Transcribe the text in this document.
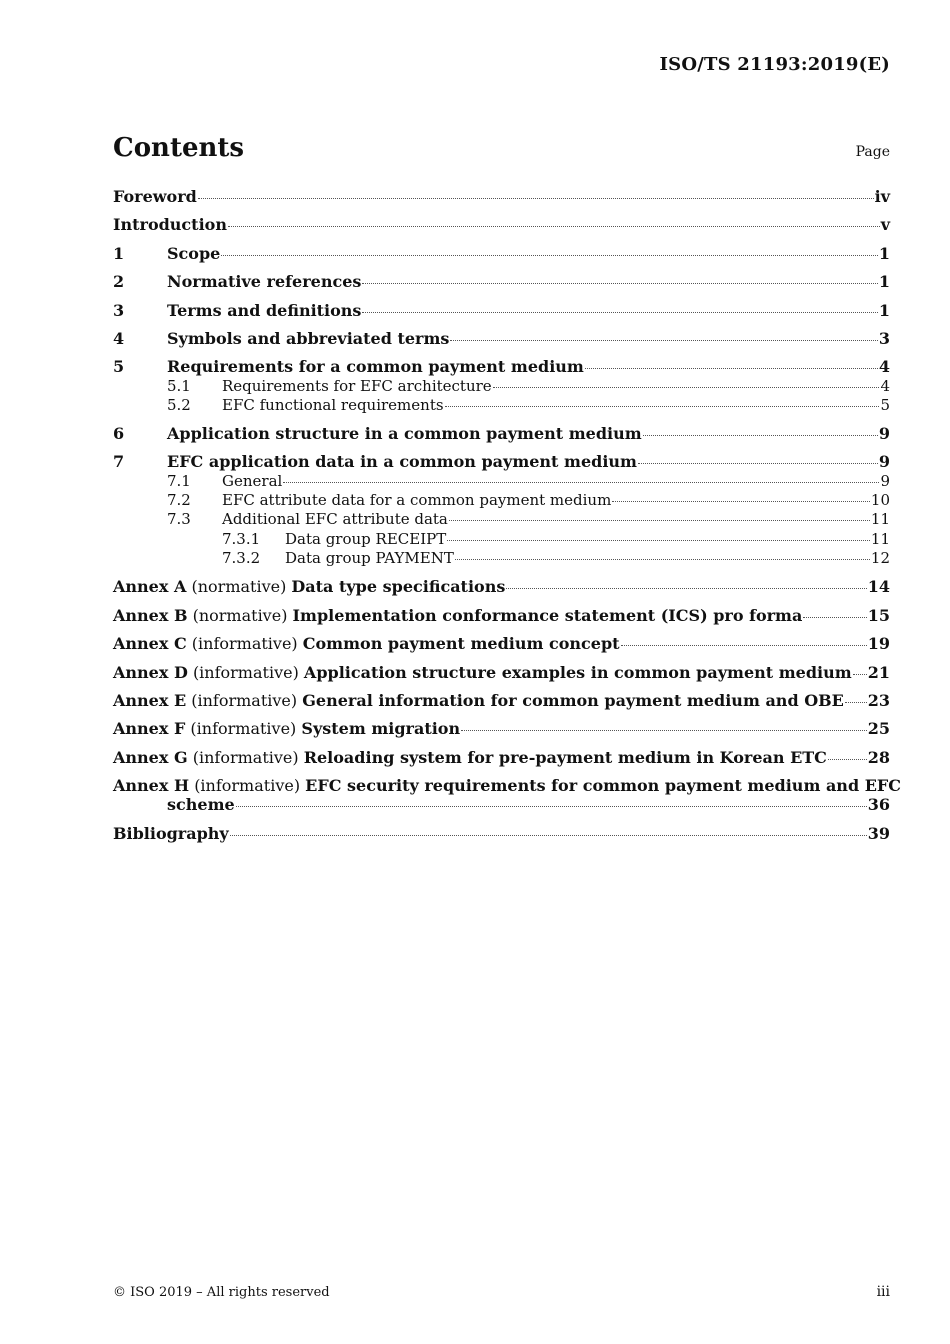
ISO/TS 21193:2019(E)
Contents	Page
Foreword	iv
Introduction	v
1	Scope	1
2	Normative references	1
3	Terms and definitions	1
4	Symbols and abbreviated terms	3
5	Requirements for a common payment medium	4
5.1	Requirements for EFC architecture	4
5.2	EFC functional requirements	5
6	Application structure in a common payment medium	9
7	EFC application data in a common payment medium	9
7.1	General	9
7.2	EFC attribute data for a common payment medium	10
7.3	Additional EFC attribute data	11
7.3.1	Data group RECEIPT	11
7.3.2	Data group PAYMENT	12
Annex A (normative) Data type specifications	14
Annex B (normative) Implementation conformance statement (ICS) pro forma	15
Annex C (informative) Common payment medium concept	19
Annex D (informative) Application structure examples in common payment medium 21
Annex E (informative) General information for common payment medium and OBE 23
Annex F (informative) System migration	25
Annex G (informative) Reloading system for pre-payment medium in Korean ETC	28
Annex H (informative) EFC security requirements for common payment medium and EFC
scheme	36
Bibliography	39
© ISO 2019 – All rights reserved	iii
